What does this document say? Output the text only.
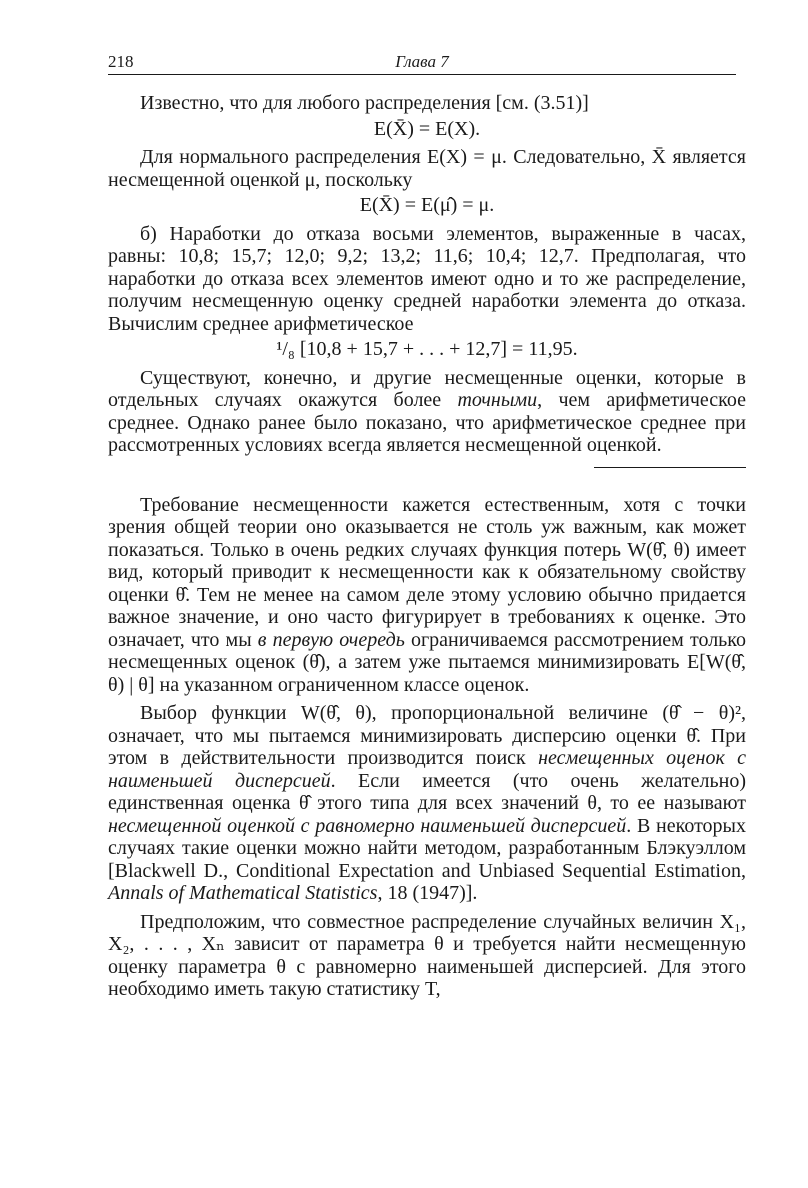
218	Глава 7

Известно, что для любого распределения [см. (3.51)]

E(X̄) = E(X).

Для нормального распределения E(X) = μ. Следовательно, X̄ является несмещенной оценкой μ, поскольку

E(X̄) = E(μ̂) = μ.

б) Наработки до отказа восьми элементов, выраженные в часах, равны: 10,8; 15,7; 12,0; 9,2; 13,2; 11,6; 10,4; 12,7. Предполагая, что наработки до отказа всех элементов имеют одно и то же распределение, получим несмещенную оценку средней наработки элемента до отказа. Вычислим среднее арифметическое

¹/₈ [10,8 + 15,7 + . . . + 12,7] = 11,95.

Существуют, конечно, и другие несмещенные оценки, которые в отдельных случаях окажутся более точными, чем арифметическое среднее. Однако ранее было показано, что арифметическое среднее при рассмотренных условиях всегда является несмещенной оценкой.

Требование несмещенности кажется естественным, хотя с точки зрения общей теории оно оказывается не столь уж важным, как может показаться. Только в очень редких случаях функция потерь W(θ̂, θ) имеет вид, который приводит к несмещенности как к обязательному свойству оценки θ̂. Тем не менее на самом деле этому условию обычно придается важное значение, и оно часто фигурирует в требованиях к оценке. Это означает, что мы в первую очередь ограничиваемся рассмотрением только несмещенных оценок (θ̂), а затем уже пытаемся минимизировать E[W(θ̂, θ) | θ] на указанном ограниченном классе оценок.

Выбор функции W(θ̂, θ), пропорциональной величине (θ̂ − θ)², означает, что мы пытаемся минимизировать дисперсию оценки θ̂. При этом в действительности производится поиск несмещенных оценок с наименьшей дисперсией. Если имеется (что очень желательно) единственная оценка θ̂ этого типа для всех значений θ, то ее называют несмещенной оценкой с равномерно наименьшей дисперсией. В некоторых случаях такие оценки можно найти методом, разработанным Блэкуэллом [Blackwell D., Conditional Expectation and Unbiased Sequential Estimation, Annals of Mathematical Statistics, 18 (1947)].

Предположим, что совместное распределение случайных величин X₁, X₂, . . . , Xₙ зависит от параметра θ и требуется найти несмещенную оценку параметра θ с равномерно наименьшей дисперсией. Для этого необходимо иметь такую статистику T,
